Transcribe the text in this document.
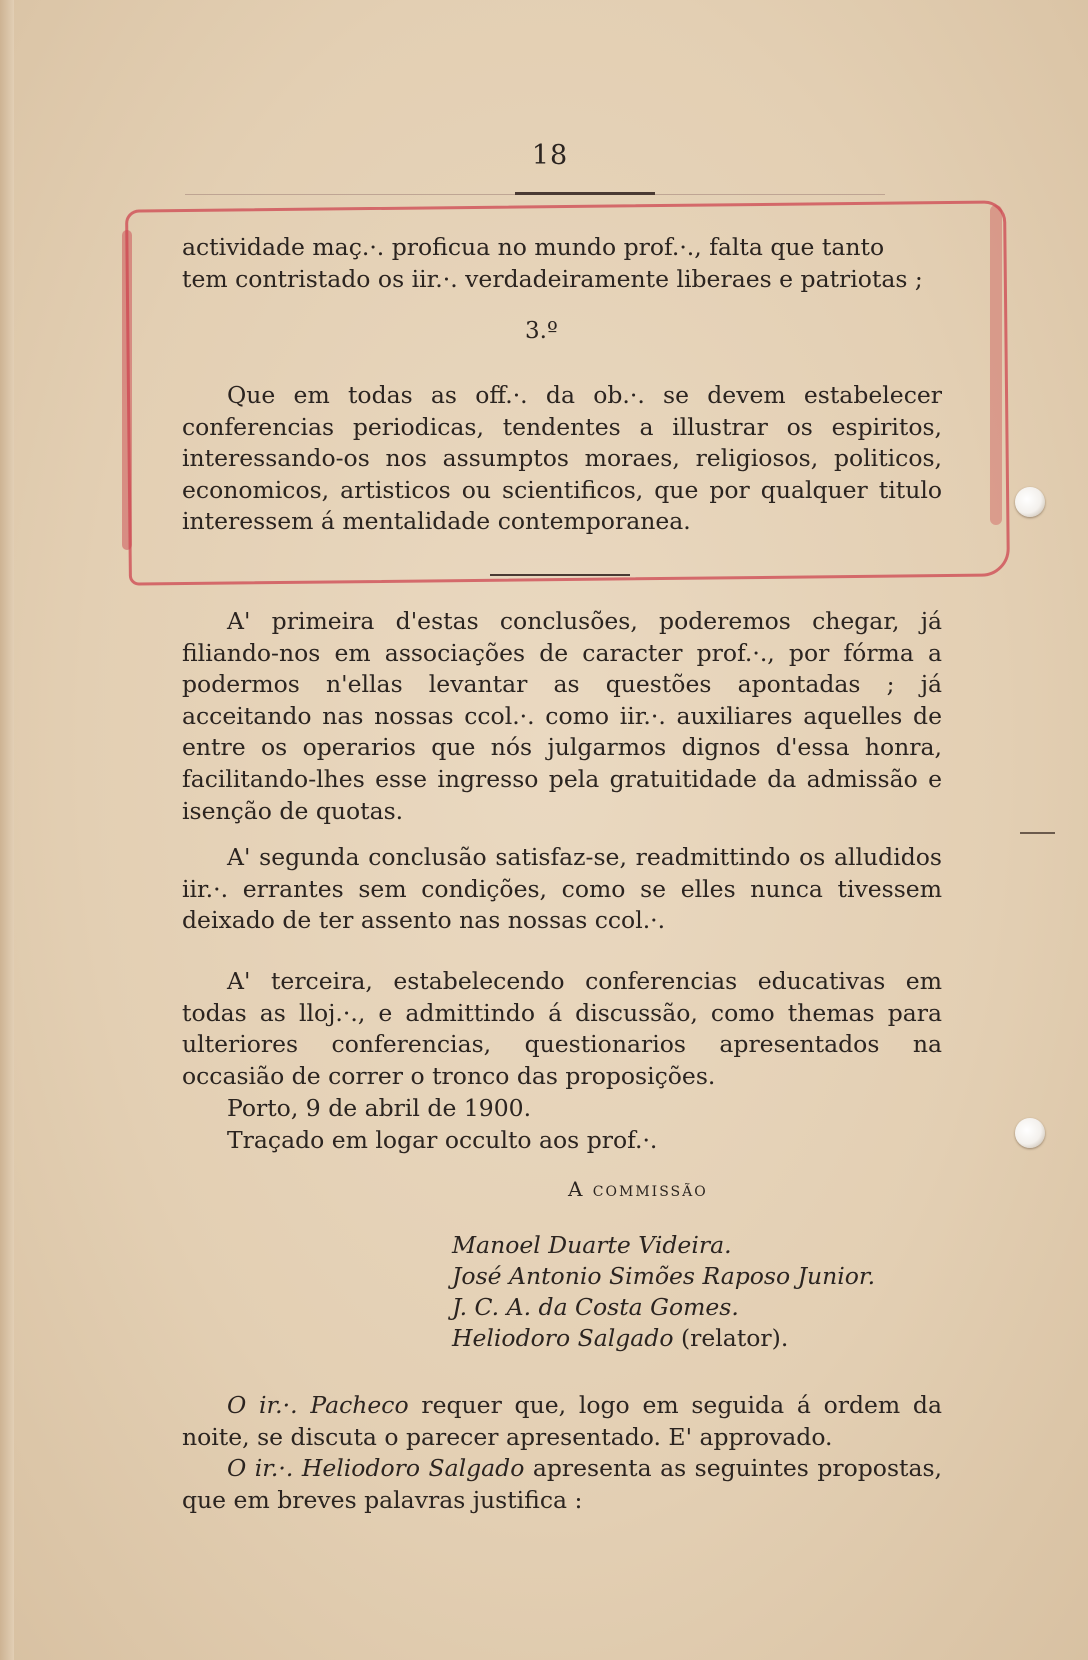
18

actividade maç.·. proficua no mundo prof.·., falta que tanto

tem contristado os iir.·. verdadeiramente liberaes e patriotas ;

3.º

Que em todas as off.·. da ob.·. se devem estabelecer conferencias periodicas, tendentes a illustrar os espiritos, interessando-os nos assumptos moraes, religiosos, politicos, economicos, artisticos ou scientificos, que por qualquer titulo interessem á mentalidade contemporanea.

A' primeira d'estas conclusões, poderemos chegar, já filiando-nos em associações de caracter prof.·., por fórma a podermos n'ellas levantar as questões apontadas ; já acceitando nas nossas ccol.·. como iir.·. auxiliares aquelles de entre os operarios que nós julgarmos dignos d'essa honra, facilitando-lhes esse ingresso pela gratuitidade da admissão e isenção de quotas.

A' segunda conclusão satisfaz-se, readmittindo os alludidos iir.·. errantes sem condições, como se elles nunca tivessem deixado de ter assento nas nossas ccol.·.

A' terceira, estabelecendo conferencias educativas em todas as lloj.·., e admittindo á discussão, como themas para ulteriores conferencias, questionarios apresentados na occasião de correr o tronco das proposições.

Porto, 9 de abril de 1900.

Traçado em logar occulto aos prof.·.

A commissão
Manoel Duarte Videira.
José Antonio Simões Raposo Junior.
J. C. A. da Costa Gomes.
Heliodoro Salgado (relator).

O ir.·. Pacheco requer que, logo em seguida á ordem da noite, se discuta o parecer apresentado. E' approvado.

O ir.·. Heliodoro Salgado apresenta as seguintes propostas, que em breves palavras justifica :
